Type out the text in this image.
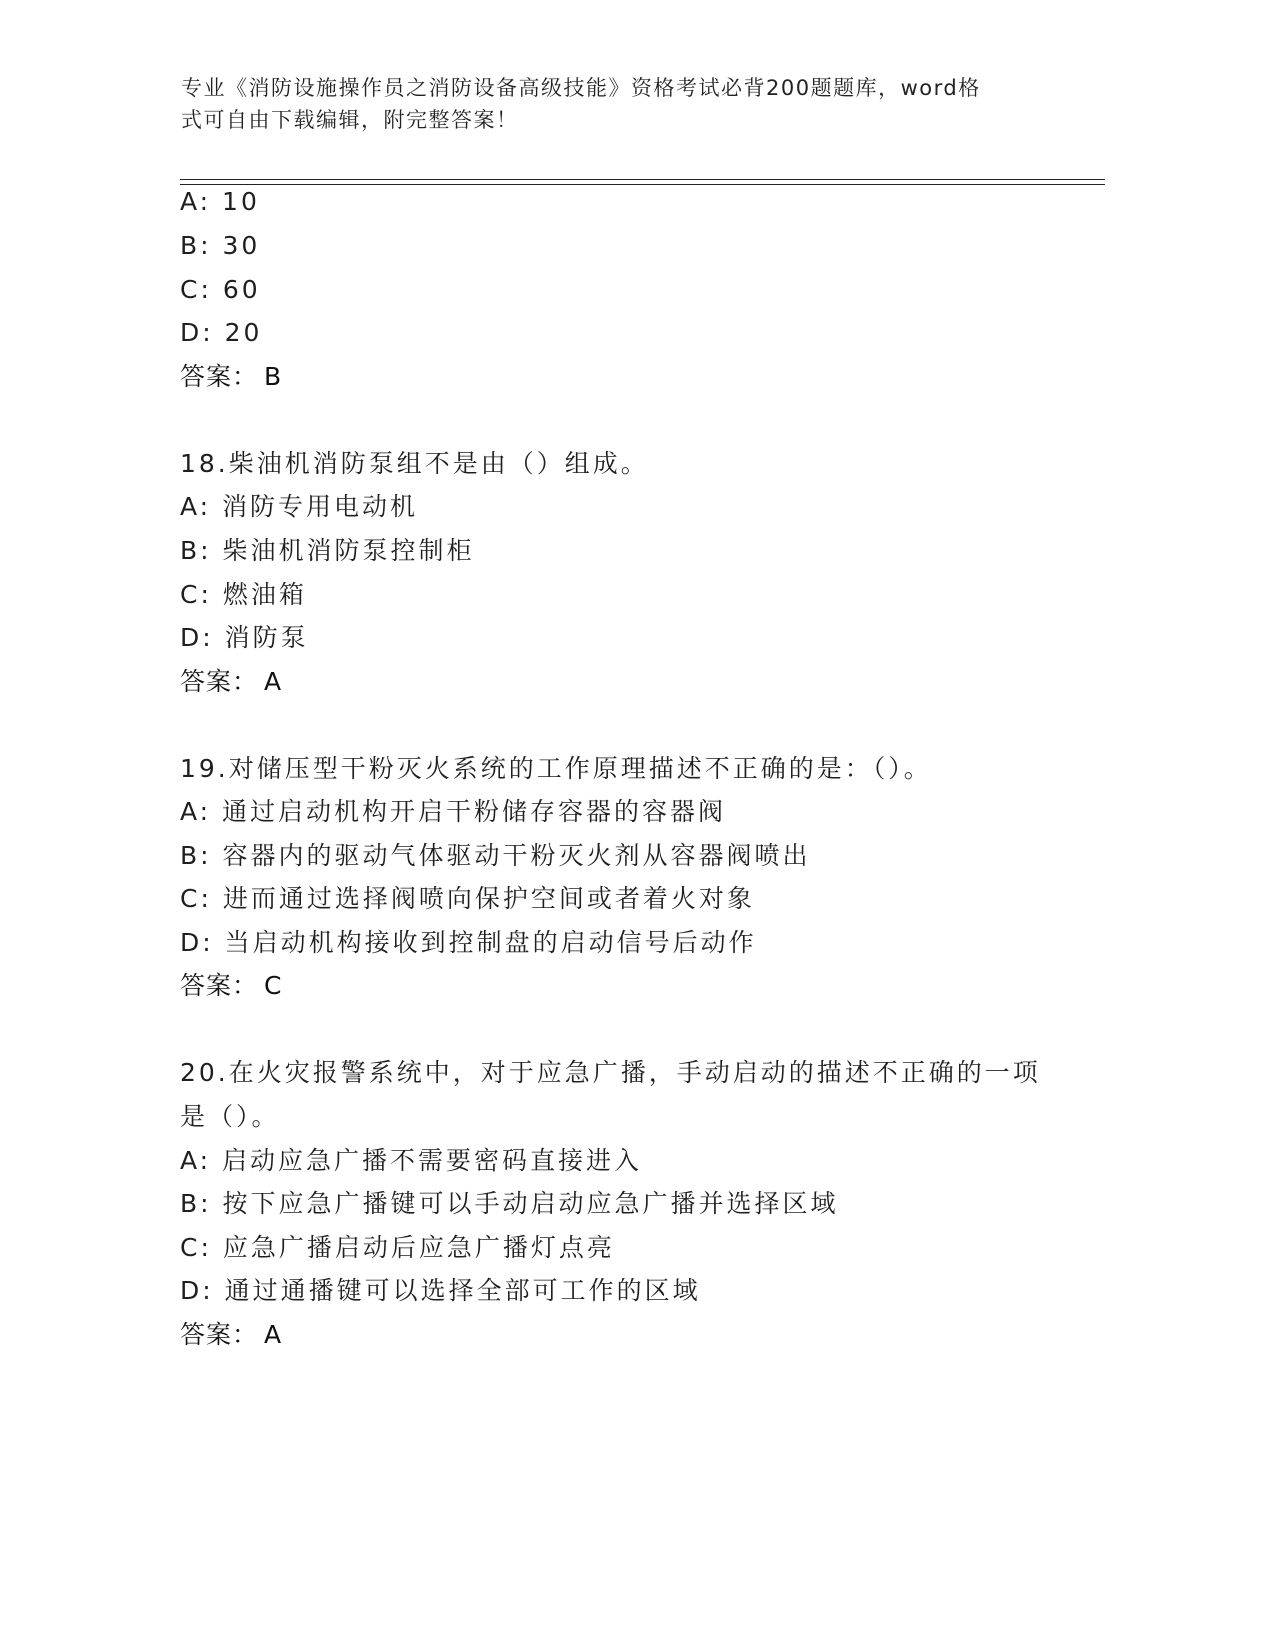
专业《消防设施操作员之消防设备高级技能》资格考试必背200题题库，word格
式可自由下载编辑，附完整答案！
A: 10
B: 30
C: 60
D: 20
答案： B
18.柴油机消防泵组不是由（）组成。
A: 消防专用电动机
B: 柴油机消防泵控制柜
C: 燃油箱
D: 消防泵
答案： A
19.对储压型干粉灭火系统的工作原理描述不正确的是：（）。
A: 通过启动机构开启干粉储存容器的容器阀
B: 容器内的驱动气体驱动干粉灭火剂从容器阀喷出
C: 进而通过选择阀喷向保护空间或者着火对象
D: 当启动机构接收到控制盘的启动信号后动作
答案： C
20.在火灾报警系统中，对于应急广播，手动启动的描述不正确的一项
是（）。
A: 启动应急广播不需要密码直接进入
B: 按下应急广播键可以手动启动应急广播并选择区域
C: 应急广播启动后应急广播灯点亮
D: 通过通播键可以选择全部可工作的区域
答案： A
